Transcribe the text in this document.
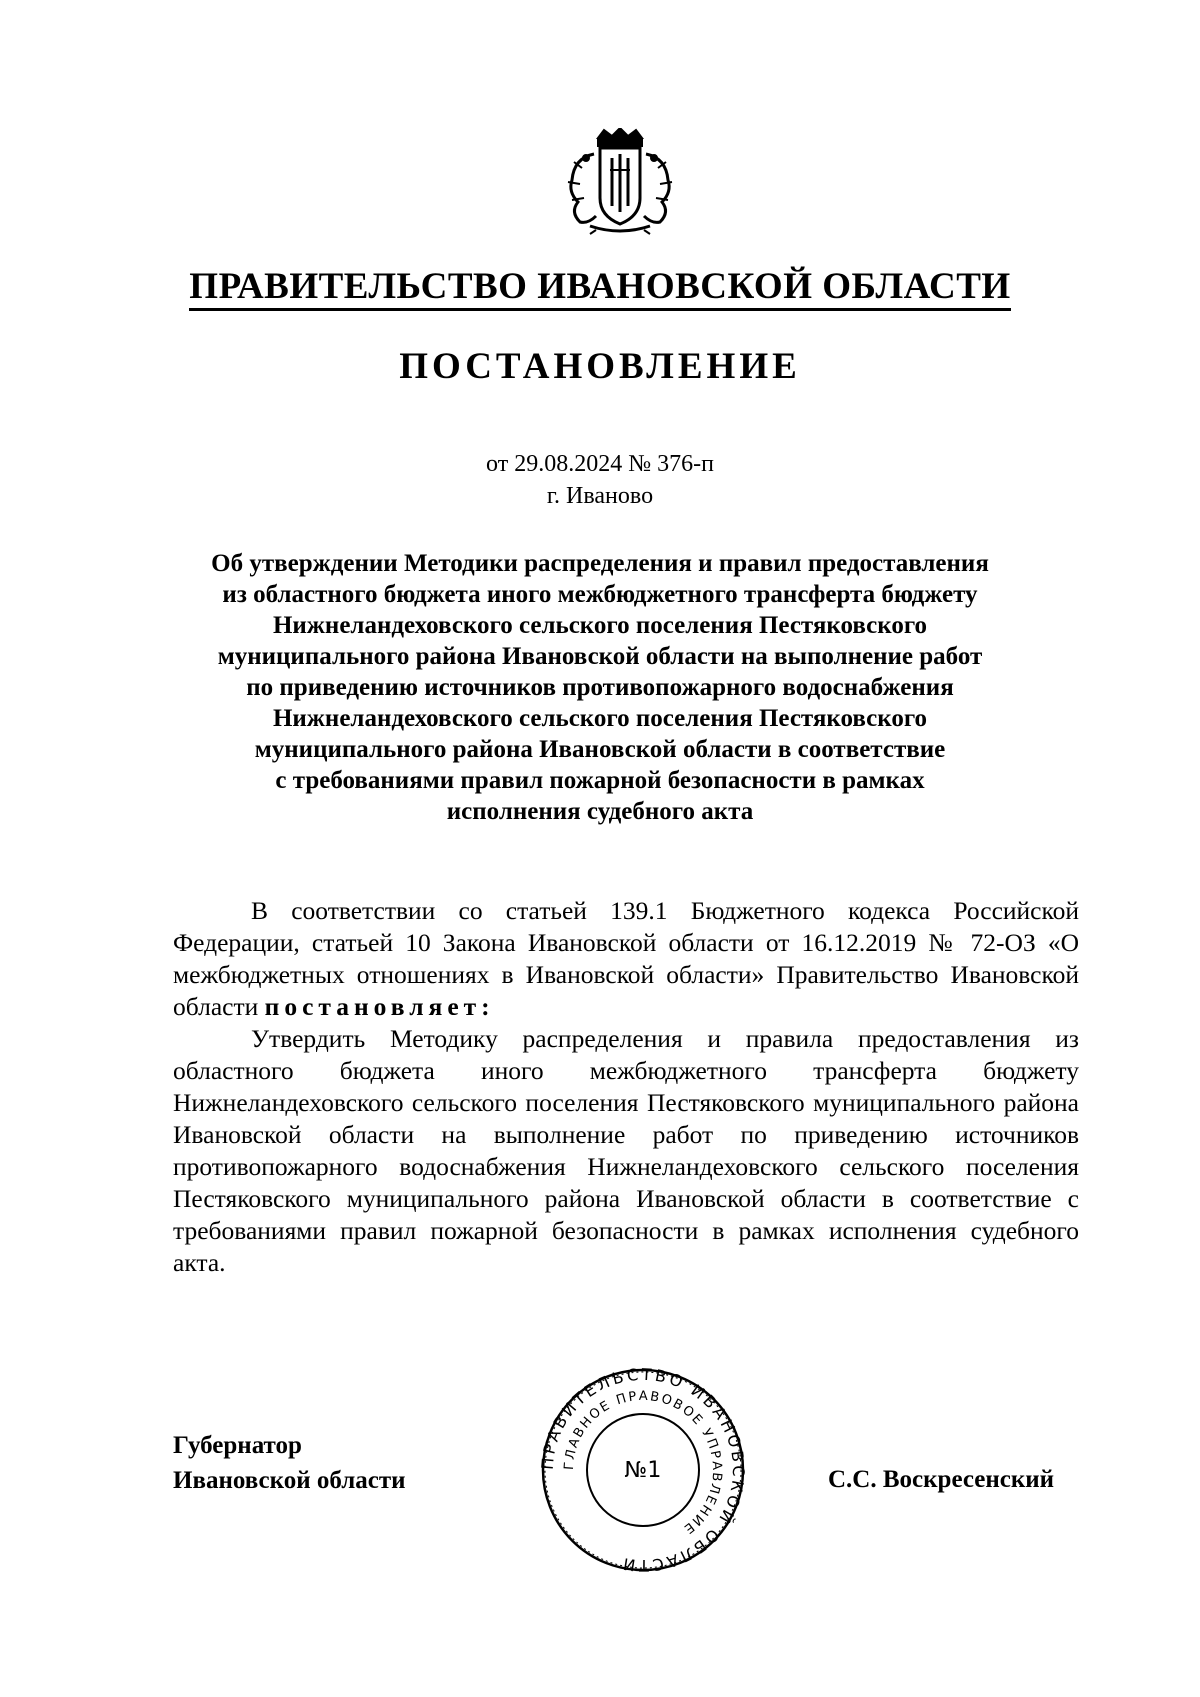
ПРАВИТЕЛЬСТВО ИВАНОВСКОЙ ОБЛАСТИ
ПОСТАНОВЛЕНИЕ
от 29.08.2024 № 376-п
г. Иваново
Об утверждении Методики распределения и правил предоставления
из областного бюджета иного межбюджетного трансферта бюджету
Нижнеландеховского сельского поселения Пестяковского
муниципального района Ивановской области на выполнение работ
по приведению источников противопожарного водоснабжения
Нижнеландеховского сельского поселения Пестяковского
муниципального района Ивановской области в соответствие
с требованиями правил пожарной безопасности в рамках
исполнения судебного акта

В соответствии со статьей 139.1 Бюджетного кодекса Российской Федерации, статьей 10 Закона Ивановской области от 16.12.2019 № 72-ОЗ «О межбюджетных отношениях в Ивановской области» Правительство Ивановской области постановляет:

Утвердить Методику распределения и правила предоставления из областного бюджета иного межбюджетного трансферта бюджету Нижнеландеховского сельского поселения Пестяковского муниципального района Ивановской области на выполнение работ по приведению источников противопожарного водоснабжения Нижнеландеховского сельского поселения Пестяковского муниципального района Ивановской области в соответствие с требованиями правил пожарной безопасности в рамках исполнения судебного акта.

Губернатор
Ивановской области
ПРАВИТЕЛЬСТВО ИВАНОВСКОЙ ОБЛАСТИ
ГЛАВНОЕ ПРАВОВОЕ УПРАВЛЕНИЕ
№1	С.С. Воскресенский
